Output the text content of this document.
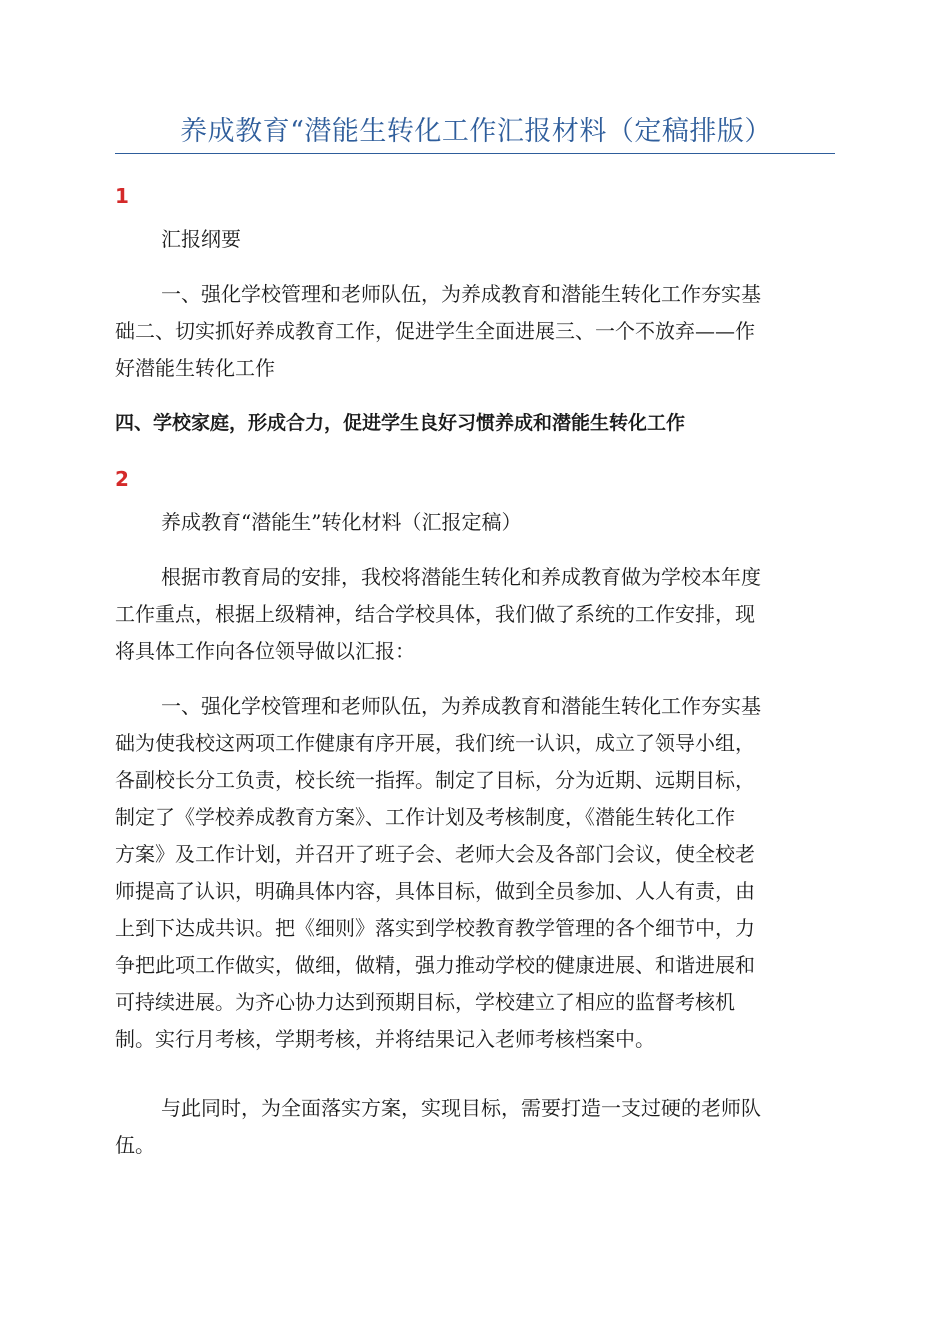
养成教育“潜能生转化工作汇报材料（定稿排版）
1
汇报纲要
一、强化学校管理和老师队伍，为养成教育和潜能生转化工作夯实基
础二、切实抓好养成教育工作，促进学生全面进展三、一个不放弃——作
好潜能生转化工作
四、学校家庭，形成合力，促进学生良好习惯养成和潜能生转化工作
2
养成教育“潜能生”转化材料（汇报定稿）
根据市教育局的安排，我校将潜能生转化和养成教育做为学校本年度
工作重点，根据上级精神，结合学校具体，我们做了系统的工作安排，现
将具体工作向各位领导做以汇报：
一、强化学校管理和老师队伍，为养成教育和潜能生转化工作夯实基
础为使我校这两项工作健康有序开展，我们统一认识，成立了领导小组，
各副校长分工负责，校长统一指挥。制定了目标，分为近期、远期目标，
制定了《学校养成教育方案》、工作计划及考核制度，《潜能生转化工作
方案》及工作计划，并召开了班子会、老师大会及各部门会议，使全校老
师提高了认识，明确具体内容，具体目标，做到全员参加、人人有责，由
上到下达成共识。把《细则》落实到学校教育教学管理的各个细节中，力
争把此项工作做实，做细，做精，强力推动学校的健康进展、和谐进展和
可持续进展。为齐心协力达到预期目标，学校建立了相应的监督考核机
制。实行月考核，学期考核，并将结果记入老师考核档案中。
与此同时，为全面落实方案，实现目标，需要打造一支过硬的老师队
伍。
